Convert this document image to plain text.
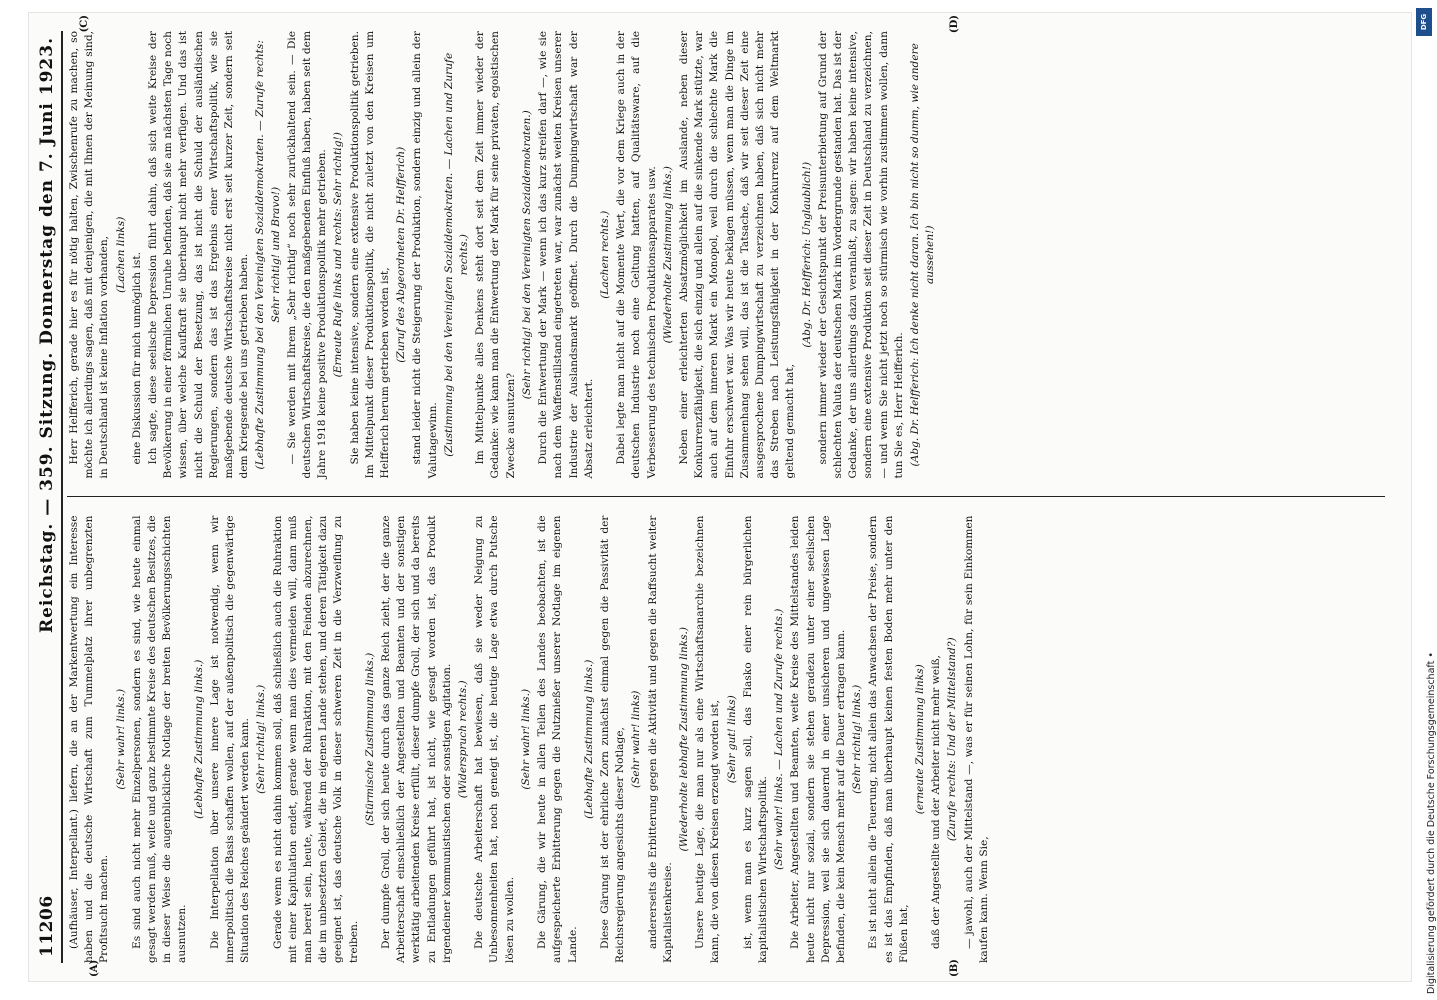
11206
Reichstag. — 359. Sitzung. Donnerstag den 7. Juni 1923.
(A)	(B)

(Aufhäuser, Interpellant.) liefern, die an der Markentwertung ein Interesse haben und die deutsche Wirtschaft zum Tummelplatz ihrer unbegrenzten Profitsucht machen.

(Sehr wahr! links.) Es sind auch nicht mehr Einzelpersonen, sondern es sind, wie heute einmal gesagt werden muß, weite und ganz bestimmte Kreise des deutschen Besitzes, die in dieser Weise die augenblickliche Notlage der breiten Bevölkerungsschichten ausnutzen.

(Lebhafte Zustimmung links.) Die Interpellation über unsere innere Lage ist notwendig, wenn wir innerpolitisch die Basis schaffen wollen, auf der außenpolitisch die gegenwärtige Situation des Reiches geändert werden kann. (Sehr richtig! links.) Gerade wenn es nicht dahin kommen soll, daß schließlich auch die Ruhraktion mit einer Kapitulation endet, gerade wenn man dies vermeiden will, dann muß man bereit sein, heute, während der Ruhraktion, mit den Feinden abzurechnen, die im unbesetzten Gebiet, die im eigenen Lande stehen, und deren Tätigkeit dazu geeignet ist, das deutsche Volk in dieser schweren Zeit in die Verzweiflung zu treiben.

(Stürmische Zustimmung links.) Der dumpfe Groll, der sich heute durch das ganze Reich zieht, der die ganze Arbeiterschaft einschließlich der Angestellten und Beamten und der sonstigen werktätig arbeitenden Kreise erfüllt, dieser dumpfe Groll, der sich und da bereits zu Entladungen geführt hat, ist nicht, wie gesagt worden ist, das Produkt irgendeiner kommunistischen oder sonstigen Agitation. (Widerspruch rechts.) Die deutsche Arbeiterschaft hat bewiesen, daß sie weder Neigung zu Unbesonnenheiten hat, noch geneigt ist, die heutige Lage etwa durch Putsche lösen zu wollen.

(Sehr wahr! links.) Die Gärung, die wir heute in allen Teilen des Landes beobachten, ist die aufgespeicherte Erbitterung gegen die Nutznießer unserer Notlage im eigenen Lande.

(Lebhafte Zustimmung links.) Diese Gärung ist der ehrliche Zorn zunächst einmal gegen die Passivität der Reichsregierung angesichts dieser Notlage, (Sehr wahr! links) andererseits die Erbitterung gegen die Aktivität und gegen die Raffsucht weiter Kapitalistenkreise.

(Wiederholte lebhafte Zustimmung links.) Unsere heutige Lage, die man nur als eine Wirtschaftsanarchie bezeichnen kann, die von diesen Kreisen erzeugt worden ist, (Sehr gut! links) ist, wenn man es kurz sagen soll, das Fiasko einer rein bürgerlichen kapitalistischen Wirtschaftspolitik. (Sehr wahr! links. — Lachen und Zurufe rechts.) Die Arbeiter, Angestellten und Beamten, weite Kreise des Mittelstandes leiden heute nicht nur sozial, sondern sie stehen geradezu unter einer seelischen Depression, weil sie sich dauernd in einer unsicheren und ungewissen Lage befinden, die kein Mensch mehr auf die Dauer ertragen kann. (Sehr richtig! links.) Es ist nicht allein die Teuerung, nicht allein das Anwachsen der Preise, sondern es ist das Empfinden, daß man überhaupt keinen festen Boden mehr unter den Füßen hat,

(erneute Zustimmung links) daß der Angestellte und der Arbeiter nicht mehr weiß, (Zurufe rechts: Und der Mittelstand?) — jawohl, auch der Mittelstand —, was er für seinen Lohn, für sein Einkommen kaufen kann. Wenn Sie,

(C)	(D)

Herr Helfferich, gerade hier es für nötig halten, Zwischenrufe zu machen, so möchte ich allerdings sagen, daß mit denjenigen, die mit Ihnen der Meinung sind, in Deutschland ist keine Inflation vorhanden, (Lachen links) eine Diskussion für mich unmöglich ist. Ich sagte, diese seelische Depression führt dahin, daß sich weite Kreise der Bevölkerung in einer förmlichen Unruhe befinden, daß sie am nächsten Tage noch wissen, über welche Kaufkraft sie überhaupt nicht mehr verfügen. Und das ist nicht die Schuld der Besetzung, das ist nicht die Schuld der ausländischen Regierungen, sondern das ist das Ergebnis einer Wirtschaftspolitik, wie sie maßgebende deutsche Wirtschaftskreise nicht erst seit kurzer Zeit, sondern seit dem Kriegsende bei uns getrieben haben. (Lebhafte Zustimmung bei den Vereinigten Sozialdemokraten. — Zurufe rechts: Sehr richtig! und Bravo!) — Sie werden mit Ihrem „Sehr richtig“ noch sehr zurückhaltend sein. — Die deutschen Wirtschaftskreise, die den maßgebenden Einfluß haben, haben seit dem Jahre 1918 keine positive Produktionspolitik mehr getrieben. (Erneute Rufe links und rechts: Sehr richtig!) Sie haben keine intensive, sondern eine extensive Produktionspolitik getrieben. Im Mittelpunkt dieser Produktionspolitik, die nicht zuletzt von den Kreisen um Helfferich herum getrieben worden ist,

(Zuruf des Abgeordneten Dr. Helfferich) stand leider nicht die Steigerung der Produktion, sondern einzig und allein der Valutagewinn. (Zustimmung bei den Vereinigten Sozialdemokraten. — Lachen und Zurufe rechts.) Im Mittelpunkte alles Denkens steht dort seit dem Zeit immer wieder der Gedanke: wie kann man die Entwertung der Mark für seine privaten, egoistischen Zwecke ausnutzen?

(Sehr richtig! bei den Vereinigten Sozialdemokraten.) Durch die Entwertung der Mark — wenn ich das kurz streifen darf —, wie sie nach dem Waffenstillstand eingetreten war, war zunächst weiten Kreisen unserer Industrie der Auslandsmarkt geöffnet. Durch die Dumpingwirtschaft war der Absatz erleichtert.

(Lachen rechts.) Dabei legte man nicht auf die Momente Wert, die vor dem Kriege auch in der deutschen Industrie noch eine Geltung hatten, auf Qualitätsware, auf die Verbesserung des technischen Produktionsapparates usw. (Wiederholte Zustimmung links.) Neben einer erleichterten Absatzmöglichkeit im Auslande, neben dieser Konkurrenzfähigkeit, die sich einzig und allein auf die sinkende Mark stützte, war auch auf dem inneren Markt ein Monopol, weil durch die schlechte Mark die Einfuhr erschwert war. Was wir heute beklagen müssen, wenn man die Dinge im Zusammenhang sehen will, das ist die Tatsache, daß wir seit dieser Zeit eine ausgesprochene Dumpingwirtschaft zu verzeichnen haben, daß sich nicht mehr das Streben nach Leistungsfähigkeit in der Konkurrenz auf dem Weltmarkt geltend gemacht hat,

(Abg. Dr. Helfferich: Unglaublich!) sondern immer wieder der Gesichtspunkt der Preisunterbietung auf Grund der schlechten Valuta der deutschen Mark im Vordergrunde gestanden hat. Das ist der Gedanke, der uns allerdings dazu veranlaßt, zu sagen: wir haben keine intensive, sondern eine extensive Produktion seit dieser Zeit in Deutschland zu verzeichnen, — und wenn Sie nicht jetzt noch so stürmisch wie vorhin zustimmen wollen, dann tun Sie es, Herr Helfferich. (Abg. Dr. Helfferich: Ich denke nicht daran. Ich bin nicht so dumm, wie andere aussehen!)

Digitalisierung gefördert durch die Deutsche Forschungsgemeinschaft •
DFG
